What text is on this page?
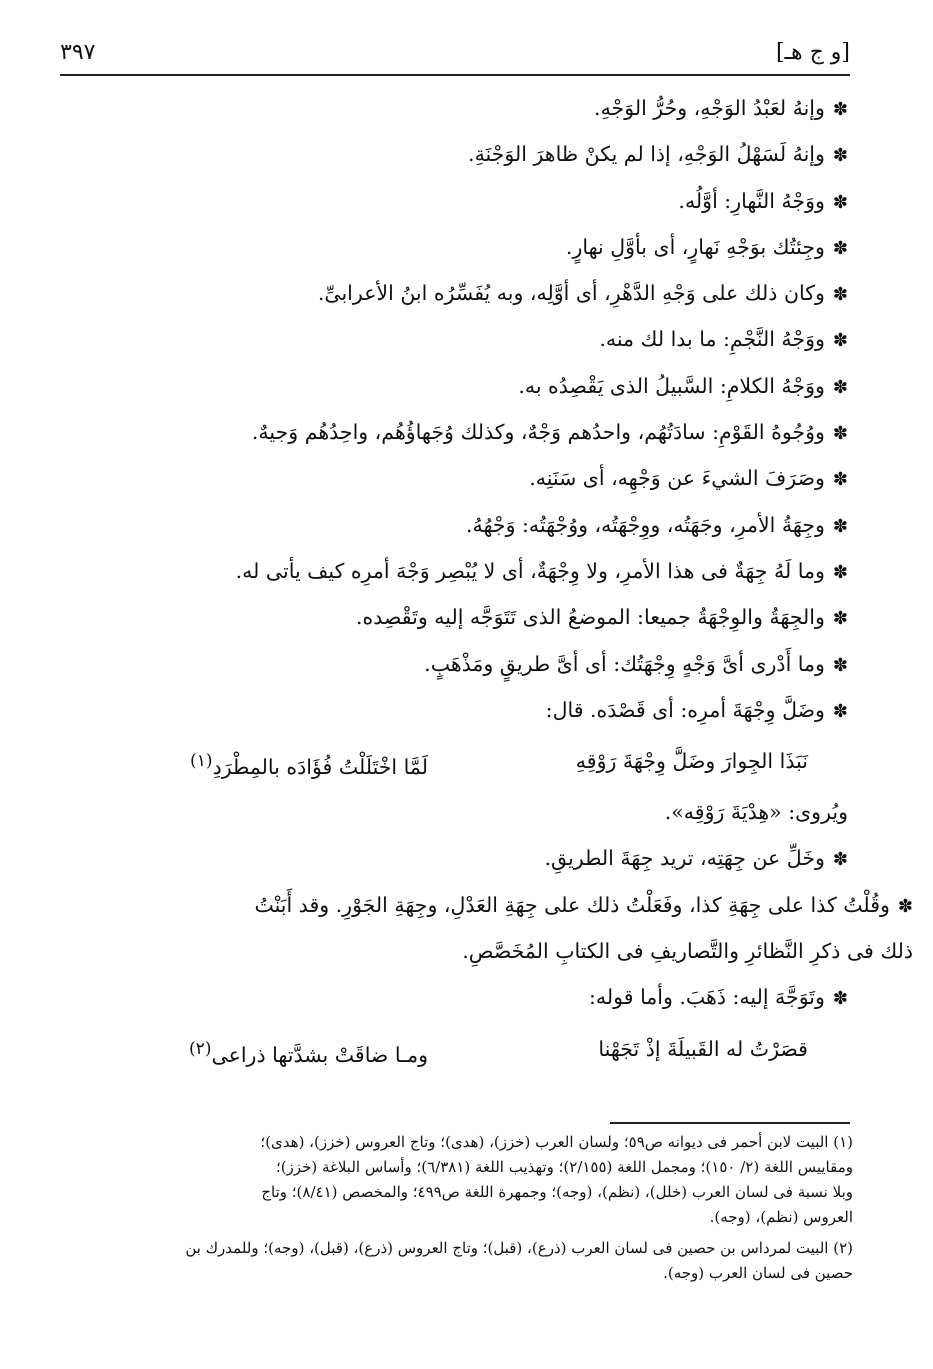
[و ج هـ]
٣٩٧
✽وإنهُ لعَبْدُ الوَجْهِ، وحُرُّ الوَجْهِ.
✽وإنهُ لَسَهْلُ الوَجْهِ، إذا لم يكنْ ظاهرَ الوَجْنَةِ.
✽ووَجْهُ النَّهارِ: أوَّلُه.
✽وجِئتُك بوَجْهِ نَهارٍ، أى بأوَّلِ نهارٍ.
✽وكان ذلك على وَجْهِ الدَّهْرِ، أى أوَّلِه، وبه يُفَسِّرُه ابنُ الأعرابىِّ.
✽ووَجْهُ النَّجْمِ: ما بدا لك منه.
✽ووَجْهُ الكلامِ: السَّبيلُ الذى يَقْصِدُه به.
✽ووُجُوهُ القَوْمِ: سادَتُهُم، واحدُهم وَجْهٌ، وكذلك وُجَهاؤُهُم، واحِدُهُم وَجيهٌ.
✽وصَرَفَ الشيءَ عن وَجْهِه، أى سَنَنِه.
✽وجِهَةُ الأمرِ، وجَهَتُه، ووِجْهَتُه، ووُجْهَتُه: وَجْهُهُ.
✽وما لَهُ جِهَةٌ فى هذا الأمرِ، ولا وِجْهَةٌ، أى لا يُبْصِر وَجْهَ أمرِه كيف يأتى له.
✽والجِهَةُ والوِجْهَةُ جميعا: الموضعُ الذى تَتَوَجَّه إليه وتَقْصِده.
✽وما أَدْرى أىَّ وَجْهٍ وِجْهَتُك: أى أىَّ طريقٍ ومَذْهَبٍ.
✽وضَلَّ وِجْهَةَ أمرِه: أى قَصْدَه. قال:
نَبَذَا الجِوارَ وضَلَّ وِجْهَةَ رَوْقِهِ
لَمَّا اخْتَلَلْتُ فُؤَادَه بالمِطْرَدِ$^{(١)}$
ويُروى: «هِدْيَةَ رَوْقِه».
✽وخَلِّ عن جِهَتِه، تريد جِهَةَ الطريقِ.
✽وقُلْتُ كذا على جِهَةِ كذا، وفَعَلْتُ ذلك على جِهَةِ العَدْلِ، وجِهَةِ الجَوْرِ. وقد أَبَنْتُ
ذلك فى ذكرِ النَّظائرِ والتَّصاريفِ فى الكتابِ المُخَصَّصِ.
✽وتَوَجَّهَ إليه: ذَهَبَ. وأما قوله:
قصَرْتُ له القَبيلَةَ إذْ تَجَهْنا
ومـا ضاقَتْ بشدَّتها ذراعى$^{(٢)}$
(١) البيت لابن أحمر فى ديوانه ص٥٩؛ ولسان العرب (خزز)، (هدى)؛ وتاج العروس (خزز)، (هدى)؛
ومقاييس اللغة (٢/ ١٥٠)؛ ومجمل اللغة (٢/١٥٥)؛ وتهذيب اللغة (٦/٣٨١)؛ وأساس البلاغة (خزز)؛
وبلا نسبة فى لسان العرب (خلل)، (نظم)، (وجه)؛ وجمهرة اللغة ص٤٩٩؛ والمخصص (٨/٤١)؛ وتاج
العروس (نظم)، (وجه).
(٢) البيت لمرداس بن حصين فى لسان العرب (ذرع)، (قبل)؛ وتاج العروس (ذرع)، (قبل)، (وجه)؛ وللمدرك بن
حصين فى لسان العرب (وجه).
